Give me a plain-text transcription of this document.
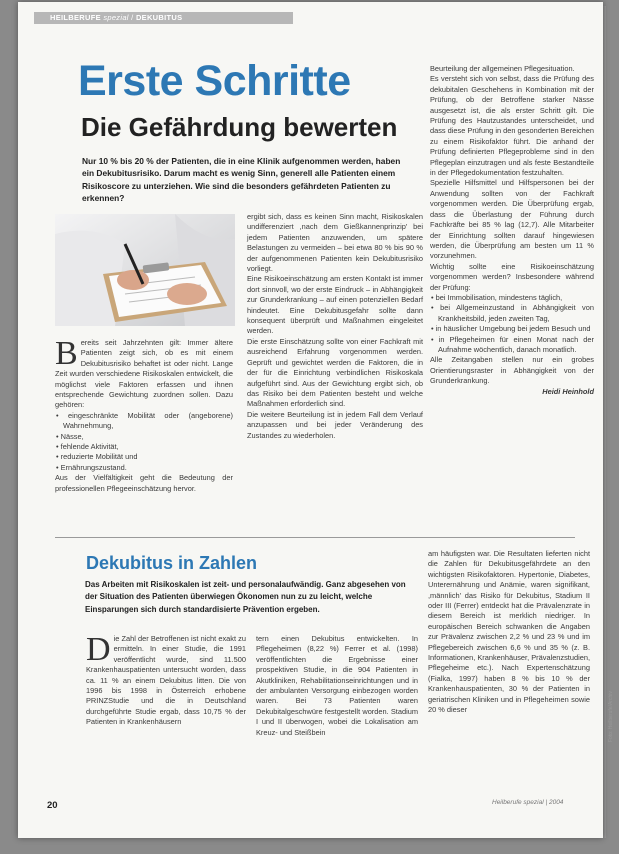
HEILBERUFE spezial / DEKUBITUS
Erste Schritte
Die Gefährdung bewerten
Nur 10 % bis 20 % der Patienten, die in eine Klinik aufgenommen werden, haben ein Dekubitusrisiko. Darum macht es wenig Sinn, generell alle Patienten einem Risikoscore zu unterziehen. Wie sind die besonders gefährdeten Patienten zu erkennen?
B ereits seit Jahrzehnten gilt: Immer ältere Patienten zeigt sich, ob es mit einem Dekubitusrisiko behaftet ist oder nicht. Lange Zeit wurden verschiedene Risikoskalen entwickelt, die möglichst viele Faktoren erfassen und ihnen entsprechende Gewichtung zuordnen sollen. Dazu gehören:

• eingeschränkte Mobilität oder (angeborene) Wahrnehmung,

• Nässe,

• fehlende Aktivität,

• reduzierte Mobilität und

• Ernährungszustand.

Aus der Vielfältigkeit geht die Bedeutung der professionellen Pflegeeinschätzung hervor.

ergibt sich, dass es keinen Sinn macht, Risikoskalen undifferenziert ,nach dem Gießkannenprinzip' bei jedem Patienten anzuwenden, um spätere Belastungen zu vermeiden – bei etwa 80 % bis 90 % der aufgenommenen Patienten kein Dekubitusrisiko vorliegt.

Eine Risikoeinschätzung am ersten Kontakt ist immer dort sinnvoll, wo der erste Eindruck – in Abhängigkeit zur Grunderkrankung – auf einen potenziellen Bedarf hindeutet. Eine Dekubitusgefahr sollte dann konsequent überprüft und Maßnahmen eingeleitet werden.

Die erste Einschätzung sollte von einer Fachkraft mit ausreichend Erfahrung vorgenommen werden. Geprüft und gewichtet werden die Faktoren, die in der für die Einrichtung verbindlichen Risikoskala aufgeführt sind. Aus der Gewichtung ergibt sich, ob das Risiko bei dem Patienten besteht und welche Maßnahmen erforderlich sind.

Die weitere Beurteilung ist in jedem Fall dem Verlauf anzupassen und bei jeder Veränderung des Zustandes zu wiederholen.

Beurteilung der allgemeinen Pflegesituation.

Es versteht sich von selbst, dass die Prüfung des dekubitalen Geschehens in Kombination mit der Prüfung, ob der Betroffene starker Nässe ausgesetzt ist, die als erster Schritt gilt. Die Prüfung des Hautzustandes unterscheidet, und dass diese Prüfung in den gesonderten Bereichen zu einem Risikofaktor führt. Die anhand der Prüfung definierten Pflegeprobleme sind in den Pflegeplan einzutragen und als feste Bestandteile in der Pflegedokumentation festzuhalten.

Spezielle Hilfsmittel und Hilfspersonen bei der Anwendung sollten von der Fachkraft vorgenommen werden. Die Überprüfung ergab, dass die Überlastung der Führung durch Fachkräfte bei 85 % lag (12,7). Alle Mitarbeiter der Einrichtung sollten darauf hingewiesen werden, die Überprüfung am besten um 11 % vorzunehmen.

Wichtig sollte eine Risikoeinschätzung vorgenommen werden? Insbesondere während der Prüfung:

• bei Immobilisation, mindestens täglich,

• bei Allgemeinzustand in Abhängigkeit von Krankheitsbild, jeden zweiten Tag,

• in häuslicher Umgebung bei jedem Besuch und

• in Pflegeheimen für einen Monat nach der Aufnahme wöchentlich, danach monatlich.

Alle Zeitangaben stellen nur ein grobes Orientierungsraster in Abhängigkeit von der Grunderkrankung.

Heidi Heinhold

Dekubitus in Zahlen
Das Arbeiten mit Risikoskalen ist zeit- und personalaufwändig. Ganz abgesehen von der Situation des Patienten überwiegen Ökonomen nun zu zu leicht, welche Einsparungen sich durch standardisierte Prävention ergeben.
D ie Zahl der Betroffenen ist nicht exakt zu ermitteln. In einer Studie, die 1991 veröffentlicht wurde, sind 11.500 Krankenhauspatienten untersucht worden, dass ca. 11 % an einem Dekubitus litten. Die von 1996 bis 1998 in Österreich erhobene PRINZStudie und die in Deutschland durchgeführte Studie ergab, dass 10,75 % der Patienten in Krankenhäusern

tern einen Dekubitus entwickelten. In Pflegeheimen (8,22 %) Ferrer et al. (1998) veröffentlichten die Ergebnisse einer prospektiven Studie, in die 904 Patienten in Akutkliniken, Rehabilitationseinrichtungen und in der ambulanten Versorgung einbezogen worden waren. Bei 73 Patienten waren Dekubitalgeschwüre festgestellt worden. Stadium I und II überwogen, wobei die Lokalisation am Kreuz- und Steißbein

am häufigsten war. Die Resultaten lieferten nicht die Zahlen für Dekubitusgefährdete an den wichtigsten Risikofaktoren. Hypertonie, Diabetes, Unterernährung und Anämie, waren signifikant, ,männlich' das Risiko für Dekubitus, Stadium II oder III (Ferrer) entdeckt hat die Prävalenzrate in diesem Bereich ist merklich niedriger. In europäischen Bereich schwanken die Angaben zur Prävalenz zwischen 2,2 % und 23 % und im Pflegebereich zwischen 6,6 % und 35 % (z. B. Informationen, Krankenhäuser, Prävalenzstudien, Pflegeheime etc.). Nach Expertenschätzung (Fialka, 1997) haben 8 % bis 10 % der Krankenhauspatienten, 30 % der Patienten in geriatrischen Kliniken und in Pflegeheimen sowie 20 % dieser

20	Heilberufe spezial | 2004
Foto: Heilberufe/Archiv
